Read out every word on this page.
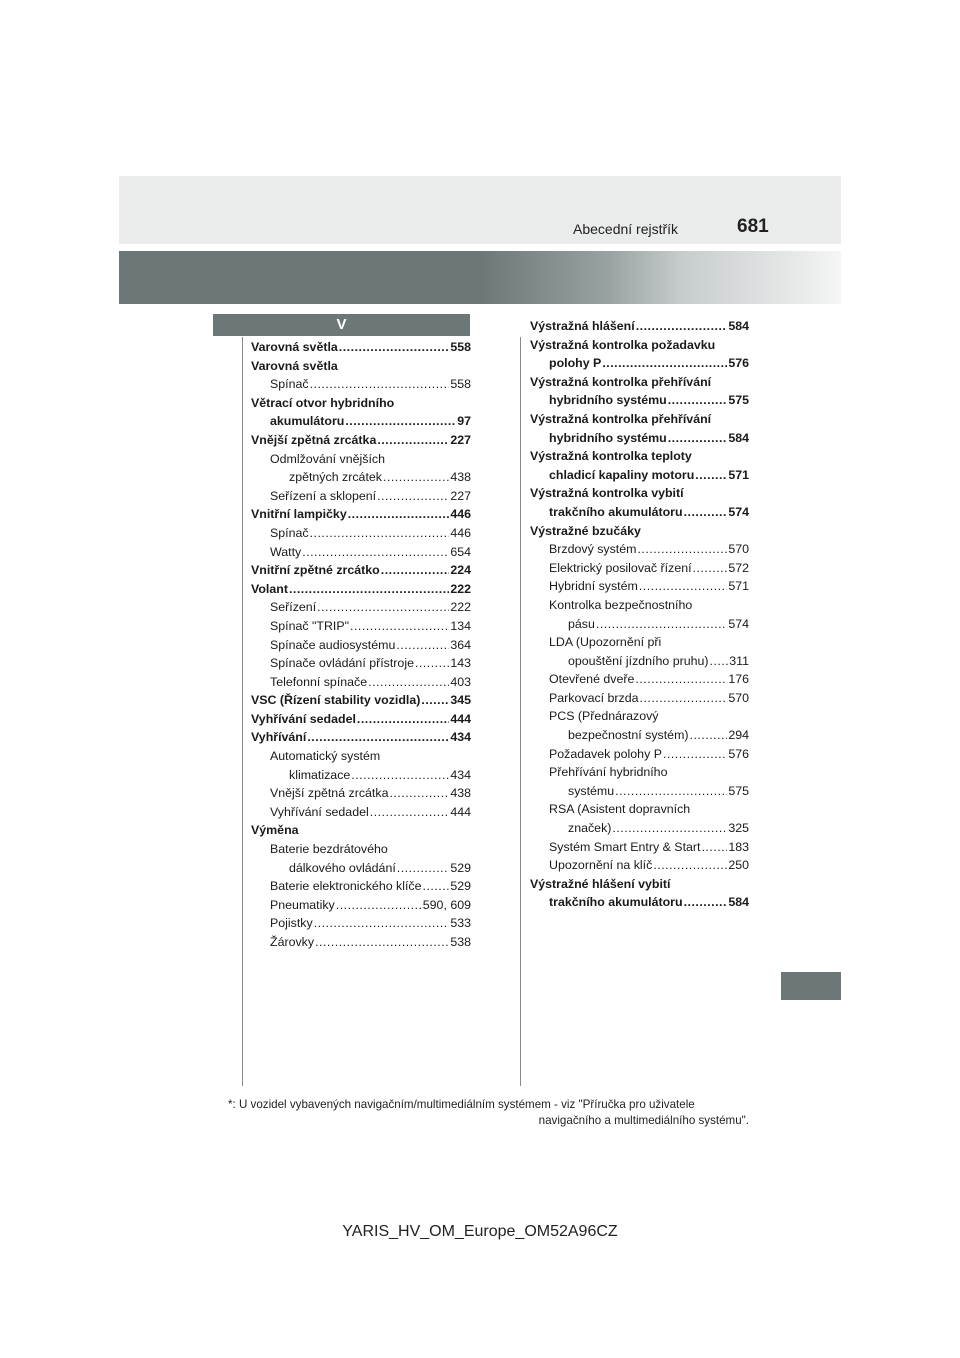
Abecední rejstřík	681
V
Varovná světla .....	558
Varovná světla
Spínač .....	558
Větrací otvor hybridního
akumulátoru .....	97
Vnější zpětná zrcátka .....	227
Odmlžování vnějších
zpětných zrcátek .....	438
Seřízení a sklopení .....	227
Vnitřní lampičky .....	446
Spínač .....	446
Watty .....	654
Vnitřní zpětné zrcátko .....	224
Volant .....	222
Seřízení .....	222
Spínač "TRIP" .....	134
Spínače audiosystému .....	364
Spínače ovládání přístroje .....	143
Telefonní spínače .....	403
VSC (Řízení stability vozidla) ..... 345
Vyhřívání sedadel .....	444
Vyhřívání .....	434
Automatický systém
klimatizace .....	434
Vnější zpětná zrcátka .....	438
Vyhřívání sedadel .....	444
Výměna
Baterie bezdrátového
dálkového ovládání .....	529
Baterie elektronického klíče ..... 529
Pneumatiky .....	590, 609
Pojistky .....	533
Žárovky .....	538
Výstražná hlášení .....	584
Výstražná kontrolka požadavku
polohy P .....	576
Výstražná kontrolka přehřívání
hybridního systému .....	575
Výstražná kontrolka přehřívání
hybridního systému .....	584
Výstražná kontrolka teploty
chladicí kapaliny motoru .....	571
Výstražná kontrolka vybití
trakčního akumulátoru .....	574
Výstražné bzučáky
Brzdový systém .....	570
Elektrický posilovač řízení .....	572
Hybridní systém .....	571
Kontrolka bezpečnostního
pásu .....	574
LDA (Upozornění při
opouštění jízdního pruhu) ..... 311
Otevřené dveře .....	176
Parkovací brzda .....	570
PCS (Přednárazový
bezpečnostní systém) .....	294
Požadavek polohy P .....	576
Přehřívání hybridního
systému .....	575
RSA (Asistent dopravních
značek) .....	325
Systém Smart Entry & Start ..... 183
Upozornění na klíč .....	250
Výstražné hlášení vybití
trakčního akumulátoru .....	584
*: U vozidel vybavených navigačním/multimediálním systémem - viz "Příručka pro uživatele
navigačního a multimediálního systému".
YARIS_HV_OM_Europe_OM52A96CZ
